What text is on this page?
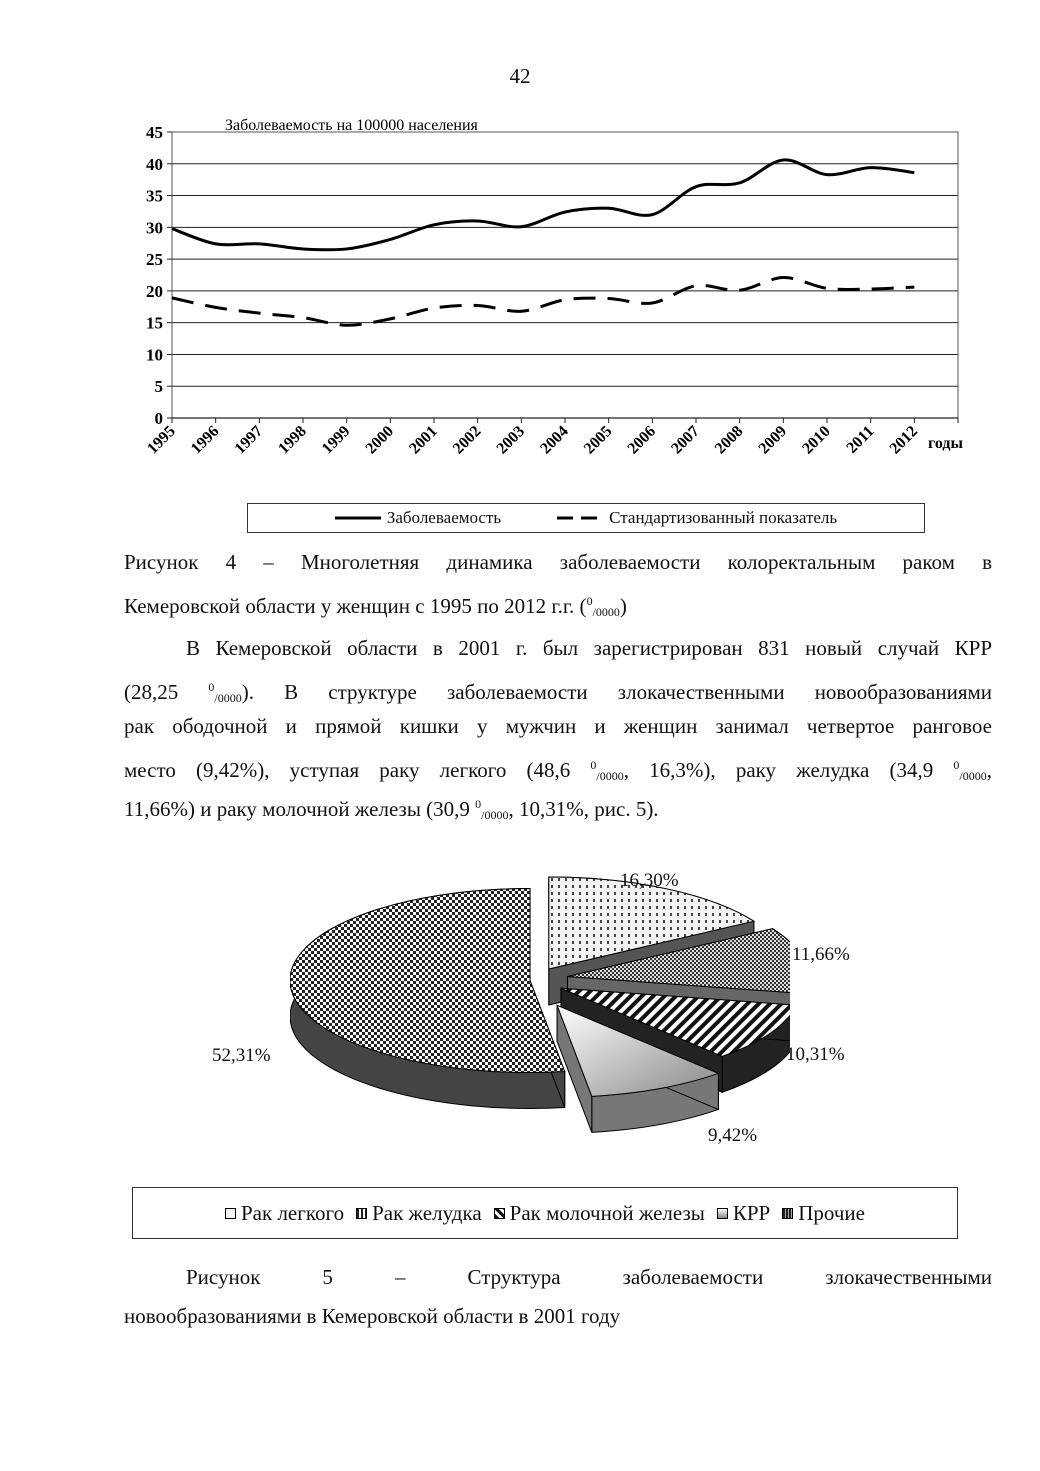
42
0
5
10
15
20
25
30
35
40
45
1995 1996 1997 1998 1999 2000 2001 2002 2003 2004 2005 2006 2007 2008 2009 2010 2011 2012
Заболеваемость на 100000 населения
годы
Заболеваемость	Стандартизованный показатель
Рисунок 4 – Многолетняя динамика заболеваемости колоректальным раком в
Кемеровской области у женщин с 1995 по 2012 г.г. ($^0_{/0000}$)
В Кемеровской области в 2001 г. был зарегистрирован 831 новый случай КРР
(28,25 $^0_{/0000}$). В структуре заболеваемости злокачественными новообразованиями
рак ободочной и прямой кишки у мужчин и женщин занимал четвертое ранговое
место (9,42%), уступая раку легкого (48,6 $^0_{/0000}$, 16,3%), раку желудка (34,9 $^0_{/0000}$,
11,66%) и раку молочной железы (30,9 $^0_{/0000}$, 10,31%, рис. 5).
16,30%
11,66%
10,31%
9,42%
52,31%
Рак легкого Рак желудка Рак молочной железы КРР Прочие
Рисунок 5 – Структура заболеваемости злокачественными
новообразованиями в Кемеровской области в 2001 году
